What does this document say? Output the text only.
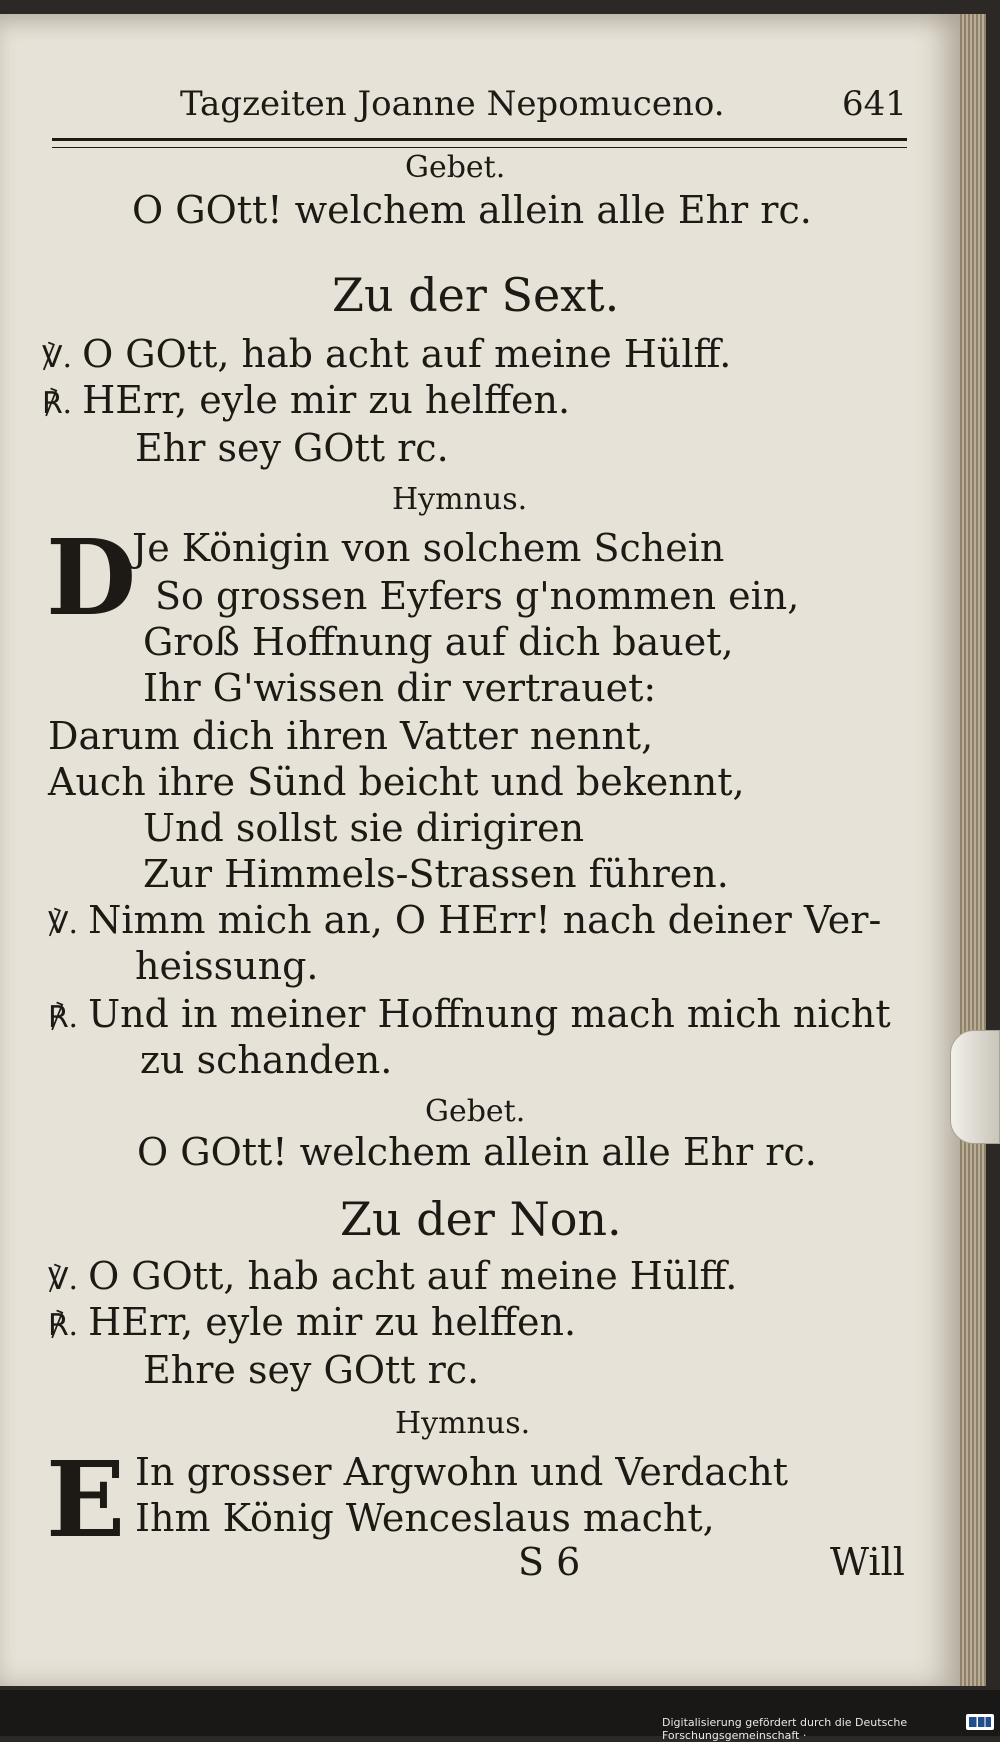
Tagzeiten Joanne Nepomuceno.	641
Gebet.
O GOtt! welchem allein alle Ehr rc.
Zu der Sext.
℣. O GOtt, hab acht auf meine Hülff.
℟. HErr, eyle mir zu helffen.
Ehr sey GOtt rc.
Hymnus.
D
Je Königin von solchem Schein
So grossen Eyfers g'nommen ein,
Groß Hoffnung auf dich bauet,
Ihr G'wissen dir vertrauet:
Darum dich ihren Vatter nennt,
Auch ihre Sünd beicht und bekennt,
Und sollst sie dirigiren
Zur Himmels-Strassen führen.
℣. Nimm mich an, O HErr! nach deiner Ver-
heissung.
℟. Und in meiner Hoffnung mach mich nicht
zu schanden.
Gebet.
O GOtt! welchem allein alle Ehr rc.
Zu der Non.
℣. O GOtt, hab acht auf meine Hülff.
℟. HErr, eyle mir zu helffen.
Ehre sey GOtt rc.
Hymnus.
E In grosser Argwohn und Verdacht
Ihm König Wenceslaus macht,
S 6	Will
Digitalisierung gefördert durch die Deutsche Forschungsgemeinschaft ·
